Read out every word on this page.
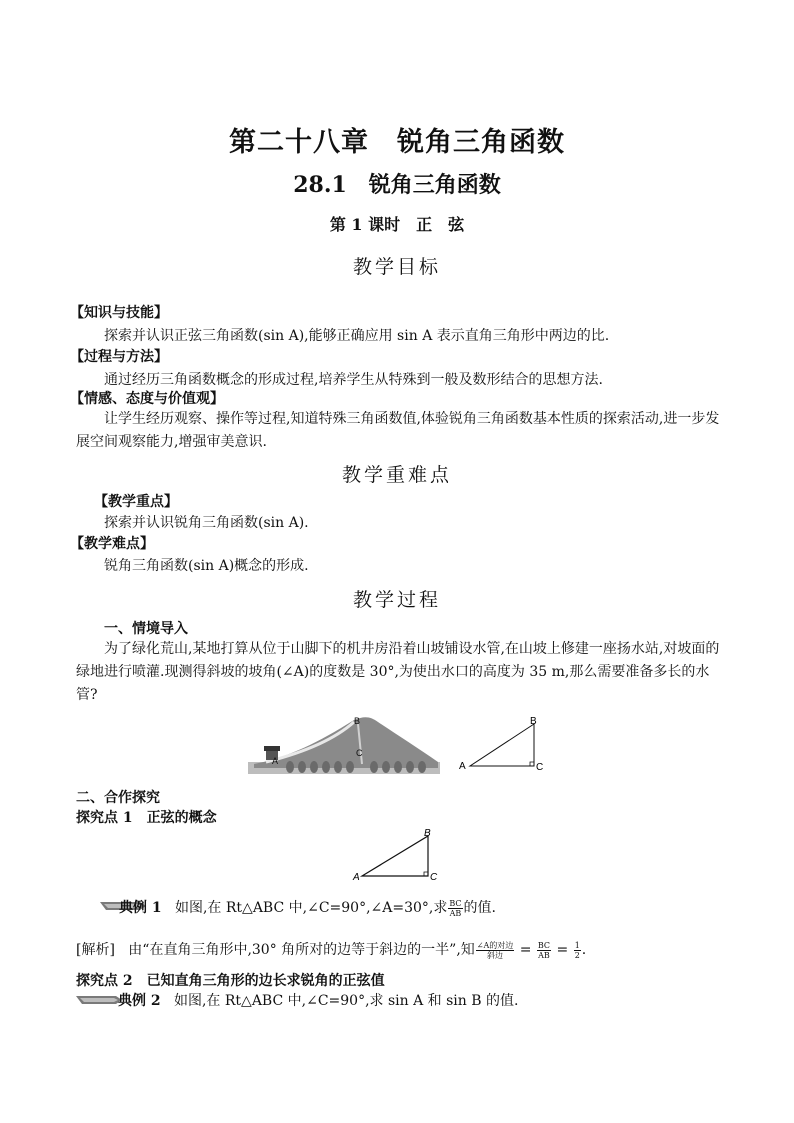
第二十八章　锐角三角函数
28.1　锐角三角函数
第 1 课时　正　弦
教学目标
【知识与技能】
探索并认识正弦三角函数(sin A),能够正确应用 sin A 表示直角三角形中两边的比.
【过程与方法】
通过经历三角函数概念的形成过程,培养学生从特殊到一般及数形结合的思想方法.
【情感、态度与价值观】
让学生经历观察、操作等过程,知道特殊三角函数值,体验锐角三角函数基本性质的探索活动,进一步发展空间观察能力,增强审美意识.
教学重难点
【教学重点】
探索并认识锐角三角函数(sin A).
【教学难点】
锐角三角函数(sin A)概念的形成.
教学过程
一、情境导入
为了绿化荒山,某地打算从位于山脚下的机井房沿着山坡铺设水管,在山坡上修建一座扬水站,对坡面的绿地进行喷灌.现测得斜坡的坡角(∠A)的度数是 30°,为使出水口的高度为 35 m,那么需要准备多长的水管?
A
B
C
A
B
C
二、合作探究
探究点 1　正弦的概念
A
B
C
典例 1 如图,在 Rt△ABC 中,∠C=90°,∠A=30°,求 $\frac{BC}{AB}$ 的值.
[解析] 由“在直角三角形中,30° 角所对的边等于斜边的一半”,知 $\frac{\text{∠A的对边}}{\text{斜边}} = \frac{BC}{AB} = \frac{1}{2}$ .
探究点 2　已知直角三角形的边长求锐角的正弦值
典例 2 如图,在 Rt△ABC 中,∠C=90°,求 sin A 和 sin B 的值.
